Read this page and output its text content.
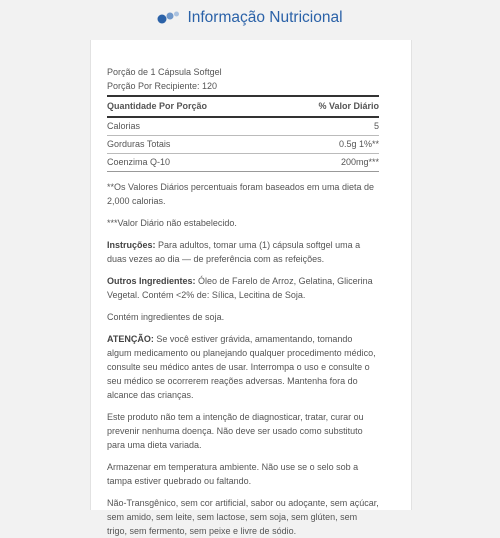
Informação Nutricional

Porção de 1 Cápsula Softgel

Porção Por Recipiente: 120

Quantidade Por Porção	% Valor Diário
Calorias	5
Gorduras Totais	0.5g 1%**
Coenzima Q-10	200mg***

**Os Valores Diários percentuais foram baseados em uma dieta de 2,000 calorias.

***Valor Diário não estabelecido.

Instruções: Para adultos, tomar uma (1) cápsula softgel uma a duas vezes ao dia — de preferência com as refeições.

Outros Ingredientes: Óleo de Farelo de Arroz, Gelatina, Glicerina Vegetal. Contém <2% de: Sílica, Lecitina de Soja.

Contém ingredientes de soja.

ATENÇÃO: Se você estiver grávida, amamentando, tomando algum medicamento ou planejando qualquer procedimento médico, consulte seu médico antes de usar. Interrompa o uso e consulte o seu médico se ocorrerem reações adversas. Mantenha fora do alcance das crianças.

Este produto não tem a intenção de diagnosticar, tratar, curar ou prevenir nenhuma doença. Não deve ser usado como substituto para uma dieta variada.

Armazenar em temperatura ambiente. Não use se o selo sob a tampa estiver quebrado ou faltando.

Não-Transgênico, sem cor artificial, sabor ou adoçante, sem açúcar, sem amido, sem leite, sem lactose, sem soja, sem glúten, sem trigo, sem fermento, sem peixe e livre de sódio.
